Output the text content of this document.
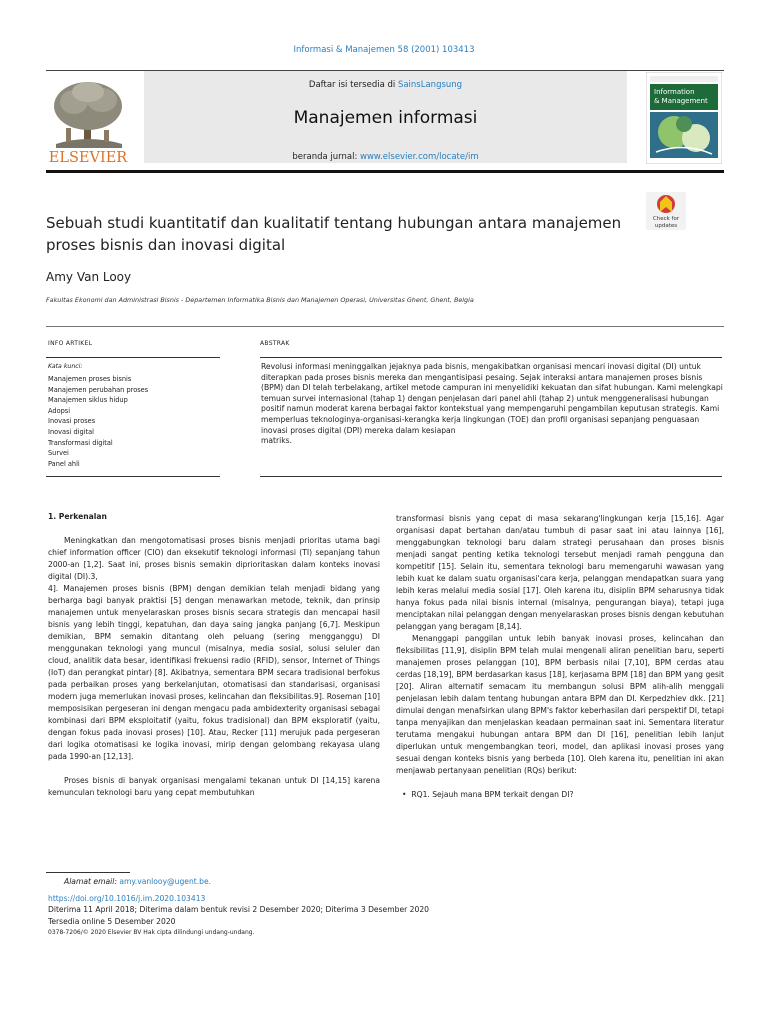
Informasi & Manajemen 58 (2001) 103413
ELSEVIER
Daftar isi tersedia di SainsLangsung
Manajemen informasi
beranda jurnal: www.elsevier.com/locate/im
Information
& Management
Sebuah studi kuantitatif dan kualitatif tentang hubungan antara manajemen proses bisnis dan inovasi digital
Check for
updates
Amy Van Looy
Fakultas Ekonomi dan Administrasi Bisnis - Departemen Informatika Bisnis dan Manajemen Operasi, Universitas Ghent, Ghent, Belgia
INFO ARTIKEL	ABSTRAK
Kata kunci:
Manajemen proses bisnis
Manajemen perubahan proses
Manajemen siklus hidup
Adopsi
Inovasi proses
Inovasi digital
Transformasi digital
Survei
Panel ahli
Revolusi informasi meninggalkan jejaknya pada bisnis, mengakibatkan organisasi mencari inovasi digital (DI) untuk diterapkan pada proses bisnis mereka dan mengantisipasi pesaing. Sejak interaksi antara manajemen proses bisnis (BPM) dan DI telah terbelakang, artikel metode campuran ini menyelidiki kekuatan dan sifat hubungan. Kami melengkapi temuan survei internasional (tahap 1) dengan penjelasan dari panel ahli (tahap 2) untuk menggeneralisasi hubungan positif namun moderat karena berbagai faktor kontekstual yang mempengaruhi pengambilan keputusan strategis. Kami memperluas teknologinya-organisasi-kerangka kerja lingkungan (TOE) dan profil organisasi sepanjang penguasaan inovasi proses digital (DPI) mereka dalam kesiapan
matriks.

1. Perkenalan

Meningkatkan dan mengotomatisasi proses bisnis menjadi prioritas utama bagi chief information officer (CIO) dan eksekutif teknologi informasi (TI) sepanjang tahun 2000-an [1,2]. Saat ini, proses bisnis semakin diprioritaskan dalam konteks inovasi digital (DI).3,

4]. Manajemen proses bisnis (BPM) dengan demikian telah menjadi bidang yang berharga bagi banyak praktisi [5] dengan menawarkan metode, teknik, dan prinsip manajemen untuk menyelaraskan proses bisnis secara strategis dan mencapai hasil bisnis yang lebih tinggi, kepatuhan, dan daya saing jangka panjang [6,7]. Meskipun demikian, BPM semakin ditantang oleh peluang (sering mengganggu) DI menggunakan teknologi yang muncul (misalnya, media sosial, solusi seluler dan cloud, analitik data besar, identifikasi frekuensi radio (RFID), sensor, Internet of Things (IoT) dan perangkat pintar) [8]. Akibatnya, sementara BPM secara tradisional berfokus pada perbaikan proses yang berkelanjutan, otomatisasi dan standarisasi, organisasi modern juga memerlukan inovasi proses, kelincahan dan fleksibilitas.9]. Roseman [10] memposisikan pergeseran ini dengan mengacu pada ambidexterity organisasi sebagai kombinasi dari BPM eksploitatif (yaitu, fokus tradisional) dan BPM eksploratif (yaitu, dengan fokus pada inovasi proses) [10]. Atau, Recker [11] merujuk pada pergeseran dari logika otomatisasi ke logika inovasi, mirip dengan gelombang rekayasa ulang pada 1990-an [12,13].

Proses bisnis di banyak organisasi mengalami tekanan untuk DI [14,15] karena kemunculan teknologi baru yang cepat membutuhkan

transformasi bisnis yang cepat di masa sekarang'lingkungan kerja [15,16]. Agar organisasi dapat bertahan dan/atau tumbuh di pasar saat ini atau lainnya [16], menggabungkan teknologi baru dalam strategi perusahaan dan proses bisnis menjadi sangat penting ketika teknologi tersebut menjadi ramah pengguna dan kompetitif [15]. Selain itu, sementara teknologi baru memengaruhi wawasan yang lebih kuat ke dalam suatu organisasi'cara kerja, pelanggan mendapatkan suara yang lebih keras melalui media sosial [17]. Oleh karena itu, disiplin BPM seharusnya tidak hanya fokus pada nilai bisnis internal (misalnya, pengurangan biaya), tetapi juga menciptakan nilai pelanggan dengan menyelaraskan proses bisnis dengan kebutuhan pelanggan yang beragam [8,14].

Menanggapi panggilan untuk lebih banyak inovasi proses, kelincahan dan fleksibilitas [11,9], disiplin BPM telah mulai mengenali aliran penelitian baru, seperti manajemen proses pelanggan [10], BPM berbasis nilai [7,10], BPM cerdas atau cerdas [18,19], BPM berdasarkan kasus [18], kerjasama BPM [18] dan BPM yang gesit [20]. Aliran alternatif semacam itu membangun solusi BPM alih-alih menggali penjelasan lebih dalam tentang hubungan antara BPM dan DI. Kerpedzhiev dkk. [21] dimulai dengan menafsirkan ulang BPM's faktor keberhasilan dari perspektif DI, tetapi tanpa menyajikan dan menjelaskan keadaan permainan saat ini. Sementara literatur terutama mengakui hubungan antara BPM dan DI [16], penelitian lebih lanjut diperlukan untuk mengembangkan teori, model, dan aplikasi inovasi proses yang sesuai dengan konteks bisnis yang berbeda [10]. Oleh karena itu, penelitian ini akan menjawab pertanyaan penelitian (RQs) berikut:

•  RQ1. Sejauh mana BPM terkait dengan DI?

Alamat email: amy.vanlooy@ugent.be.
https://doi.org/10.1016/j.im.2020.103413
Diterima 11 April 2018; Diterima dalam bentuk revisi 2 Desember 2020; Diterima 3 Desember 2020
Tersedia online 5 Desember 2020
0378-7206/© 2020 Elsevier BV Hak cipta dilindungi undang-undang.
